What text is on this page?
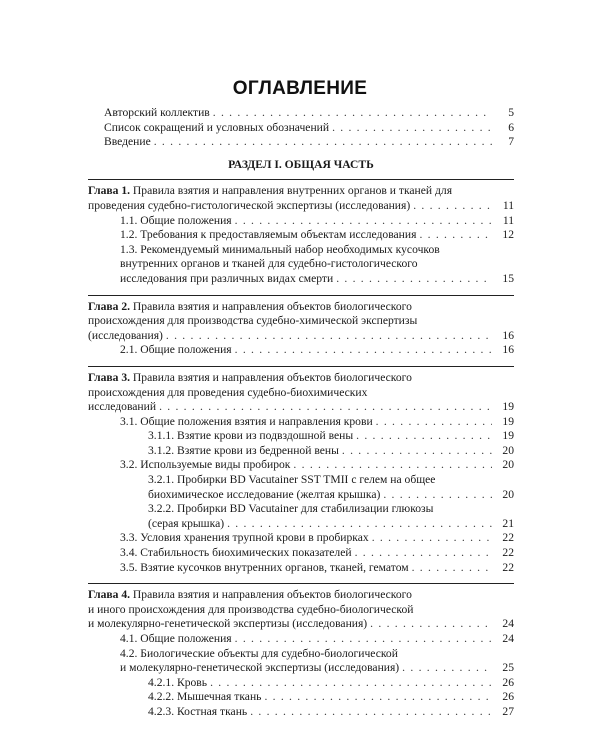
ОГЛАВЛЕНИЕ
Авторский коллектив . . .	5
Список сокращений и условных обозначений . . .	6
Введение . . .	7
РАЗДЕЛ I. ОБЩАЯ ЧАСТЬ
Глава 1. Правила взятия и направления внутренних органов и тканей для
проведения судебно-гистологической экспертизы (исследования) . . .	11
1.1. Общие положения . . .	11
1.2. Требования к предоставляемым объектам исследования . . .	12
1.3. Рекомендуемый минимальный набор необходимых кусочков
внутренних органов и тканей для судебно-гистологического
исследования при различных видах смерти . . .	15
Глава 2. Правила взятия и направления объектов биологического
происхождения для производства судебно-химической экспертизы
(исследования) . . .	16
2.1. Общие положения . . .	16
Глава 3. Правила взятия и направления объектов биологического
происхождения для проведения судебно-биохимических
исследований . . .	19
3.1. Общие положения взятия и направления крови . . .	19
3.1.1. Взятие крови из подвздошной вены . . .	19
3.1.2. Взятие крови из бедренной вены . . .	20
3.2. Используемые виды пробирок . . .	20
3.2.1. Пробирки BD Vacutainer SST TMII с гелем на общее
биохимическое исследование (желтая крышка) . . .	20
3.2.2. Пробирки BD Vacutainer для стабилизации глюкозы
(серая крышка) . . .	21
3.3. Условия хранения трупной крови в пробирках . . .	22
3.4. Стабильность биохимических показателей . . .	22
3.5. Взятие кусочков внутренних органов, тканей, гематом . . .	22
Глава 4. Правила взятия и направления объектов биологического
и иного происхождения для производства судебно-биологической
и молекулярно-генетической экспертизы (исследования) . . .	24
4.1. Общие положения . . .	24
4.2. Биологические объекты для судебно-биологической
и молекулярно-генетической экспертизы (исследования) . . .	25
4.2.1. Кровь . . .	26
4.2.2. Мышечная ткань . . .	26
4.2.3. Костная ткань . . .	27
